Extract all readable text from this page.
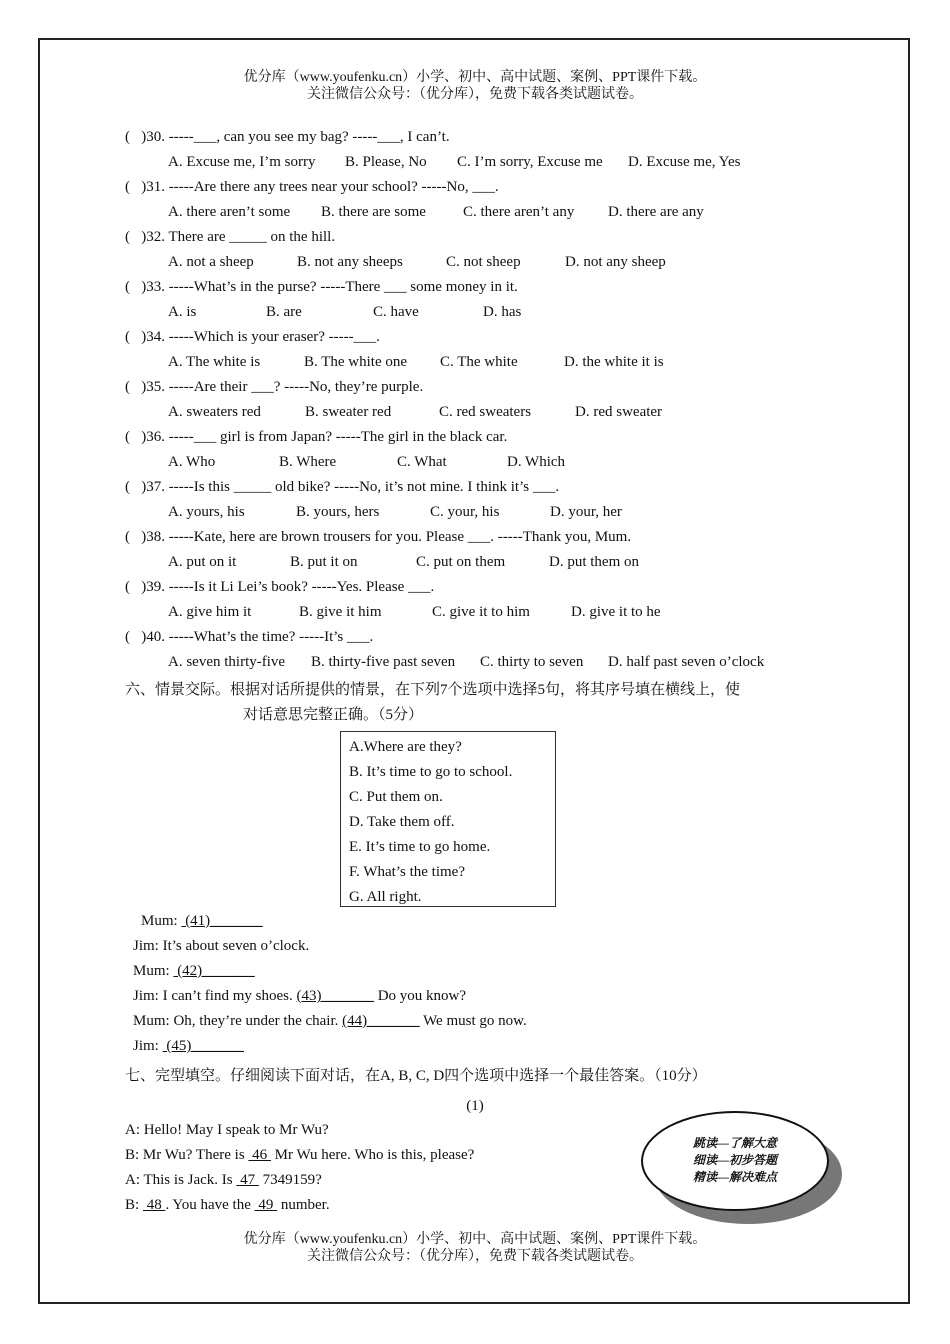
优分库（www.youfenku.cn）小学、初中、高中试题、案例、PPT课件下载。
关注微信公众号：（优分库），免费下载各类试题试卷。
(   )30. -----___, can you see my bag? -----___, I can’t.

A. Excuse me, I’m sorry

B. Please, No

C. I’m sorry, Excuse me

D. Excuse me, Yes

(   )31. -----Are there any trees near your school? -----No, ___.

A. there aren’t some

B. there are some

C. there aren’t any

D. there are any

(   )32. There are _____ on the hill.

A. not a sheep

	B. not any sheeps

	C. not sheep

	D. not any sheep

(   )33. -----What’s in the purse? -----There ___ some money in it.

A. is

	B. are

	C. have

	D. has

(   )34. -----Which is your eraser? -----___.

A. The white is

	B. The white one

C. The white

	D. the white it is

(   )35. -----Are their ___? -----No, they’re purple.

A. sweaters red

	B. sweater red

	C. red sweaters

	D. red sweater

(   )36. -----___ girl is from Japan? -----The girl in the black car.

A. Who

	B. Where

	C. What

	D. Which

(   )37. -----Is this _____ old bike? -----No, it’s not mine. I think it’s ___.

A. yours, his

	B. yours, hers

	C. your, his

	D. your, her

(   )38. -----Kate, here are brown trousers for you. Please ___. -----Thank you, Mum.

A. put on it

	B. put it on

	C. put on them

	D. put them on

(   )39. -----Is it Li Lei’s book? -----Yes. Please ___.

A. give him it

	B. give it him

	C. give it to him

	D. give it to he

(   )40. -----What’s the time? -----It’s ___.

A. seven thirty-five

B. thirty-five past seven

C. thirty to seven

D. half past seven o’clock

六、情景交际。根据对话所提供的情景，在下列7个选项中选择5句，将其序号填在横线上，使
对话意思完整正确。（5分）
A.Where are they?
B. It’s time to go to school.
C. Put them on.
D. Take them off.
E. It’s time to go home.
F. What’s the time?
G. All right.
Mum:  (41)_______
Jim: It’s about seven o’clock.
Mum:  (42)_______
Jim: I can’t find my shoes. (43)_______ Do you know?
Mum: Oh, they’re under the chair. (44)_______ We must go now.
Jim:  (45)_______
七、完型填空。仔细阅读下面对话，在A, B, C, D四个选项中选择一个最佳答案。（10分）
(1)
A: Hello! May I speak to Mr Wu?
B: Mr Wu? There is  46  Mr Wu here. Who is this, please?
A: This is Jack. Is  47  7349159?
B:  48 . You have the  49  number.
跳读—了解大意
细读—初步答题
精读—解决难点
优分库（www.youfenku.cn）小学、初中、高中试题、案例、PPT课件下载。
关注微信公众号：（优分库），免费下载各类试题试卷。
